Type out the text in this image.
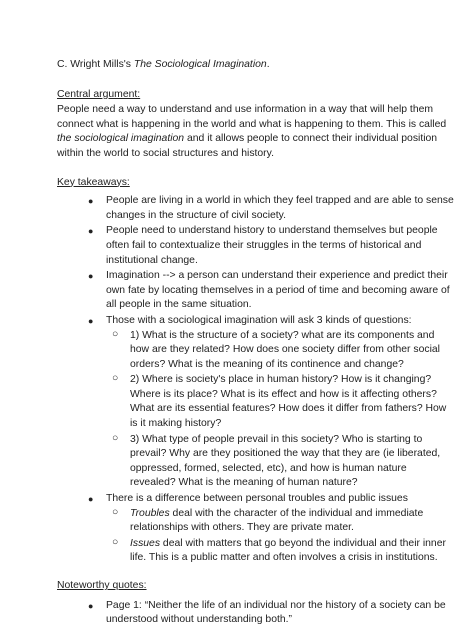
C. Wright Mills's The Sociological Imagination.

Central argument:

People need a way to understand and use information in a way that will help them connect what is happening in the world and what is happening to them. This is called the sociological imagination and it allows people to connect their individual position within the world to social structures and history.

Key takeaways:

● People are living in a world in which they feel trapped and are able to sense changes in the structure of civil society.
● People need to understand history to understand themselves but people often fail to contextualize their struggles in the terms of historical and institutional change.
● Imagination --> a person can understand their experience and predict their own fate by locating themselves in a period of time and becoming aware of all people in the same situation.
● Those with a sociological imagination will ask 3 kinds of questions:
○ 1) What is the structure of a society? what are its components and how are they related? How does one society differ from other social orders? What is the meaning of its continence and change?
○ 2) Where is society's place in human history? How is it changing? Where is its place? What is its effect and how is it affecting others? What are its essential features? How does it differ from fathers? How is it making history?
○ 3) What type of people prevail in this society? Who is starting to prevail? Why are they positioned the way that they are (ie liberated, oppressed, formed, selected, etc), and how is human nature revealed? What is the meaning of human nature?
● There is a difference between personal troubles and public issues
○ Troubles deal with the character of the individual and immediate relationships with others. They are private mater.
○ Issues deal with matters that go beyond the individual and their inner life. This is a public matter and often involves a crisis in institutions.

Noteworthy quotes:

● Page 1: “Neither the life of an individual nor the history of a society can be understood without understanding both.”
